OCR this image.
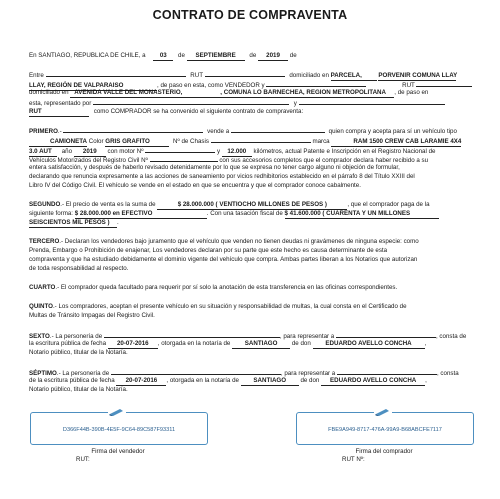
CONTRATO DE COMPRAVENTA
En SANTIAGO, REPUBLICA DE CHILE, a 03 de SEPTIEMBRE de 2019 de
Entre	RUT	domiciliado en PARCELA,	PORVENIR COMUNA LLAY
LLAY, REGIÓN DE VALPARAISO	, de paso en esta, como VENDEDOR y	RUT
domiciliado en AVENIDA VALLE DEL MONASTERIO,	, COMUNA LO BARNECHEA, REGIÓN METROPOLITANA , de paso en
esta, representado por	y
RUT	como COMPRADOR se ha convenido el siguiente contrato de compraventa:
PRIMERO.-	vende a	quien compra y acepta para sí un vehículo tipo
CAMIONETA Color GRIS GRAFITO	Nº de Chasis	marca	RAM 1500 CREW CAB LARAMIE 4X4
3.0 AUT año 2019 con motor Nº	y 12.000 kilómetros, actual Patente e Inscripción en el Registro Nacional de
Vehículos Motorizados del Registro Civil Nº	con sus accesorios completos que el comprador declara haber recibido a su
entera satisfacción, y después de haberlo revisado detenidamente por lo que se expresa no tener cargo alguno ni objeción de formular,
declarando que renuncia expresamente a las acciones de saneamiento por vicios redhibitorios establecido en el párrafo 8 del Título XXIII del
Libro IV del Código Civil. El vehículo se vende en el estado en que se encuentra y que el comprador conoce cabalmente.
SEGUNDO.- El precio de venta es la suma de	$ 28.000.000 ( VENTIOCHO MILLONES DE PESOS )	, que el comprador paga de la
siguiente forma: $ 28.000.000 en EFECTIVO	. Con una tasación fiscal de $ 41.600.000 ( CUARENTA Y UN MILLONES
SEISCIENTOS MIL PESOS ) .
TERCERO.- Declaran los vendedores bajo juramento que el vehículo que venden no tienen deudas ni gravámenes de ninguna especie: como
Prenda, Embargo o Prohibición de enajenar, Los vendedores declaran por su parte que este hecho es causa determinante de esta
compraventa y que ha estudiado debidamente el dominio vigente del vehículo que compra. Ambas partes liberan a los Notarios que autorizan
de toda responsabilidad al respecto.
CUARTO.- El comprador queda facultado para requerir por sí solo la anotación de esta transferencia en las oficinas correspondientes.
QUINTO.- Los compradores, aceptan el presente vehículo en su situación y responsabilidad de multas, la cual consta en el Certificado de
Multas de Tránsito Impagas del Registro Civil.
SEXTO.- La personería de	, para representar a	, consta de
la escritura pública de fecha 20-07-2016 , otorgada en la notaría de SANTIAGO de don EDUARDO AVELLO CONCHA ,
Notario público, titular de la Notaría.
SÉPTIMO.- La personería de	, para representar a	, consta
de la escritura pública de fecha 20-07-2016 , otorgada en la notaría de SANTIAGO de don EDUARDO AVELLO CONCHA ,
Notario público, titular de la Notaría.
D366F44B-390B-4E5F-9C64-89C587F93311	FBE9A949-8717-476A-99A9-B68ABCFE7117
Firma del vendedor
RUT:
Firma del comprador
RUT Nº:
